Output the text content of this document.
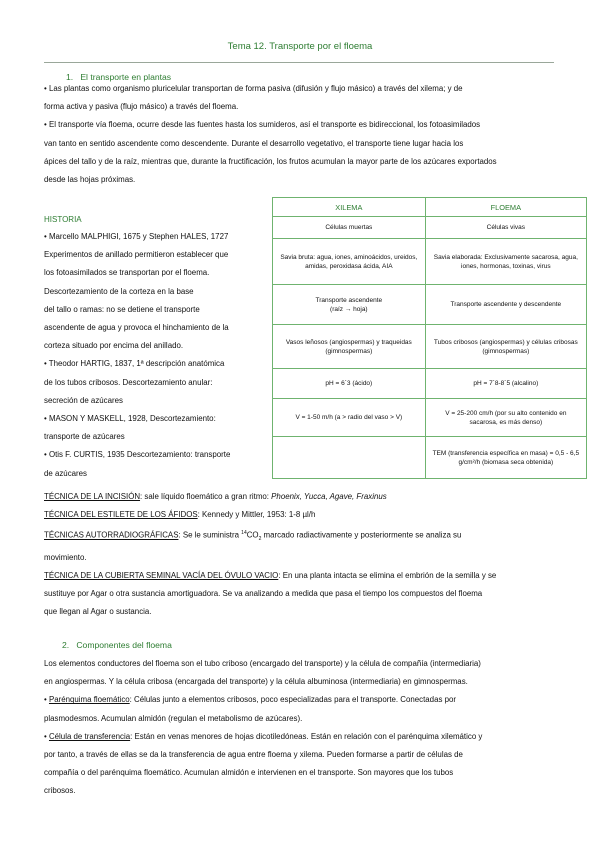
Tema 12. Transporte por el floema
1.   El transporte en plantas
• Las plantas como organismo pluricelular transportan de forma pasiva (difusión y flujo másico) a través del xilema; y de
forma activa y pasiva (flujo másico) a través del floema.
• El transporte vía floema, ocurre desde las fuentes hasta los sumideros, así el transporte es bidireccional, los fotoasimilados
van tanto en sentido ascendente como descendente. Durante el desarrollo vegetativo, el transporte tiene lugar hacia los
ápices del tallo y de la raíz, mientras que, durante la fructificación, los frutos acumulan la mayor parte de los azúcares exportados
desde las hojas próximas.
HISTORIA
• Marcello MALPHIGI, 1675 y Stephen HALES, 1727
Experimentos de anillado permitieron establecer que
los fotoasimilados se transportan por el floema.
Descortezamiento de la corteza en la base
del tallo o ramas: no se detiene el transporte
ascendente de agua y provoca el hinchamiento de la
corteza situado por encima del anillado.
• Theodor HARTIG, 1837, 1ª descripción anatómica
de los tubos cribosos. Descortezamiento anular:
secreción de azúcares
• MASON Y MASKELL, 1928, Descortezamiento:
transporte de azúcares
• Otis F. CURTIS, 1935 Descortezamiento: transporte
de azúcares
XILEMA	FLOEMA
Células muertas	Células vivas
Savia bruta: agua, iones, aminoácidos, ureidos, amidas, peroxidasa ácida, AIA	Savia elaborada: Exclusivamente sacarosa, agua, iones, hormonas, toxinas, virus
Transporte ascendente
(raíz → hoja)	Transporte ascendente y descendente
Vasos leñosos (angiospermas) y traqueidas (gimnospermas)	Tubos cribosos (angiospermas) y células cribosas (gimnospermas)
pH = 6´3 (ácido)	pH = 7´8-8´5 (alcalino)
V = 1-50 m/h (a > radio del vaso > V)	V = 25-200 cm/h (por su alto contenido en sacarosa, es más denso)
	TEM (transferencia específica en masa) = 0,5 - 6,5 g/cm²/h (biomasa seca obtenida)
TÉCNICA DE LA INCISIÓN: sale líquido floemático a gran ritmo: Phoenix, Yucca, Agave, Fraxinus
TÉCNICA DEL ESTILETE DE LOS ÁFIDOS: Kennedy y Mittler, 1953: 1-8 µl/h
TÉCNICAS AUTORRADIOGRÁFICAS: Se le suministra $^{14}CO_2$ marcado radiactivamente y posteriormente se analiza su
movimiento.
TÉCNICA DE LA CUBIERTA SEMINAL VACÍA DEL ÓVULO VACIO: En una planta intacta se elimina el embrión de la semilla y se
sustituye por Agar o otra sustancia amortiguadora. Se va analizando a medida que pasa el tiempo los compuestos del floema
que llegan al Agar o sustancia.
2.   Componentes del floema
Los elementos conductores del floema son el tubo criboso (encargado del transporte) y la célula de compañía (intermediaria)
en angiospermas. Y la célula cribosa (encargada del transporte) y la célula albuminosa (intermediaria) en gimnospermas.
• Parénquima floemático: Células junto a elementos cribosos, poco especializadas para el transporte. Conectadas por
plasmodesmos. Acumulan almidón (regulan el metabolismo de azúcares).
• Célula de transferencia: Están en venas menores de hojas dicotiledóneas. Están en relación con el parénquima xilemático y
por tanto, a través de ellas se da la transferencia de agua entre floema y xilema. Pueden formarse a partir de células de
compañía o del parénquima floemático. Acumulan almidón e intervienen en el transporte. Son mayores que los tubos
cribosos.
